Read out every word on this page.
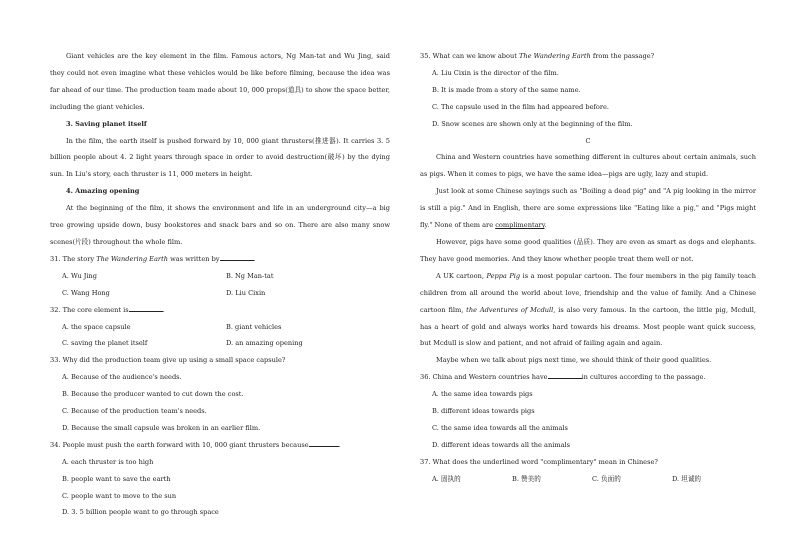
Giant vehicles are the key element in the film. Famous actors, Ng Man-tat and Wu Jing, said they could not even imagine what these vehicles would be like before filming, because the idea was far ahead of our time. The production team made about 10, 000 props(道具) to show the space better, including the giant vehicles.

3. Saving planet itself

In the film, the earth itself is pushed forward by 10, 000 giant thrusters(推进器). It carries 3. 5 billion people about 4. 2 light years through space in order to avoid destruction(破坏) by the dying sun. In Liu's story, each thruster is 11, 000 meters in height.

4. Amazing opening

At the beginning of the film, it shows the environment and life in an underground city—a big tree growing upside down, busy bookstores and snack bars and so on. There are also many snow scenes(片段) throughout the whole film.

31. The story The Wandering Earth was written by	.

A. Wu Jing	B. Ng Man-tat
C. Wang Hong	D. Liu Cixin

32. The core element is	.

A. the space capsule	B. giant vehicles
C. saving the planet itself	D. an amazing opening

33. Why did the production team give up using a small space capsule?

A. Because of the audience's needs.

B. Because the producer wanted to cut down the cost.

C. Because of the production team's needs.

D. Because the small capsule was broken in an earlier film.

34. People must push the earth forward with 10, 000 giant thrusters because	.

A. each thruster is too high

B. people want to save the earth

C. people want to move to the sun

D. 3. 5 billion people want to go through space

35. What can we know about The Wandering Earth from the passage?

A. Liu Cixin is the director of the film.

B. It is made from a story of the same name.

C. The capsule used in the film had appeared before.

D. Snow scenes are shown only at the beginning of the film.

C

China and Western countries have something different in cultures about certain animals, such as pigs. When it comes to pigs, we have the same idea—pigs are ugly, lazy and stupid.

Just look at some Chinese sayings such as "Boiling a dead pig" and "A pig looking in the mirror is still a pig." And in English, there are some expressions like "Eating like a pig," and "Pigs might fly." None of them are complimentary.

However, pigs have some good qualities (品质). They are even as smart as dogs and elephants. They have good memories. And they know whether people treat them well or not.

A UK cartoon, Peppa Pig is a most popular cartoon. The four members in the pig family teach children from all around the world about love, friendship and the value of family. And a Chinese cartoon film, the Adventures of Mcdull, is also very famous. In the cartoon, the little pig, Mcdull, has a heart of gold and always works hard towards his dreams. Most people want quick success, but Mcdull is slow and patient, and not afraid of failing again and again.

Maybe when we talk about pigs next time, we should think of their good qualities.

36. China and Western countries have	in cultures according to the passage.

A. the same idea towards pigs

B. different ideas towards pigs

C. the same idea towards all the animals

D. different ideas towards all the animals

37. What does the underlined word "complimentary" mean in Chinese?

A. 固执的	B. 赞美的	C. 负面的	D. 坦诚的
